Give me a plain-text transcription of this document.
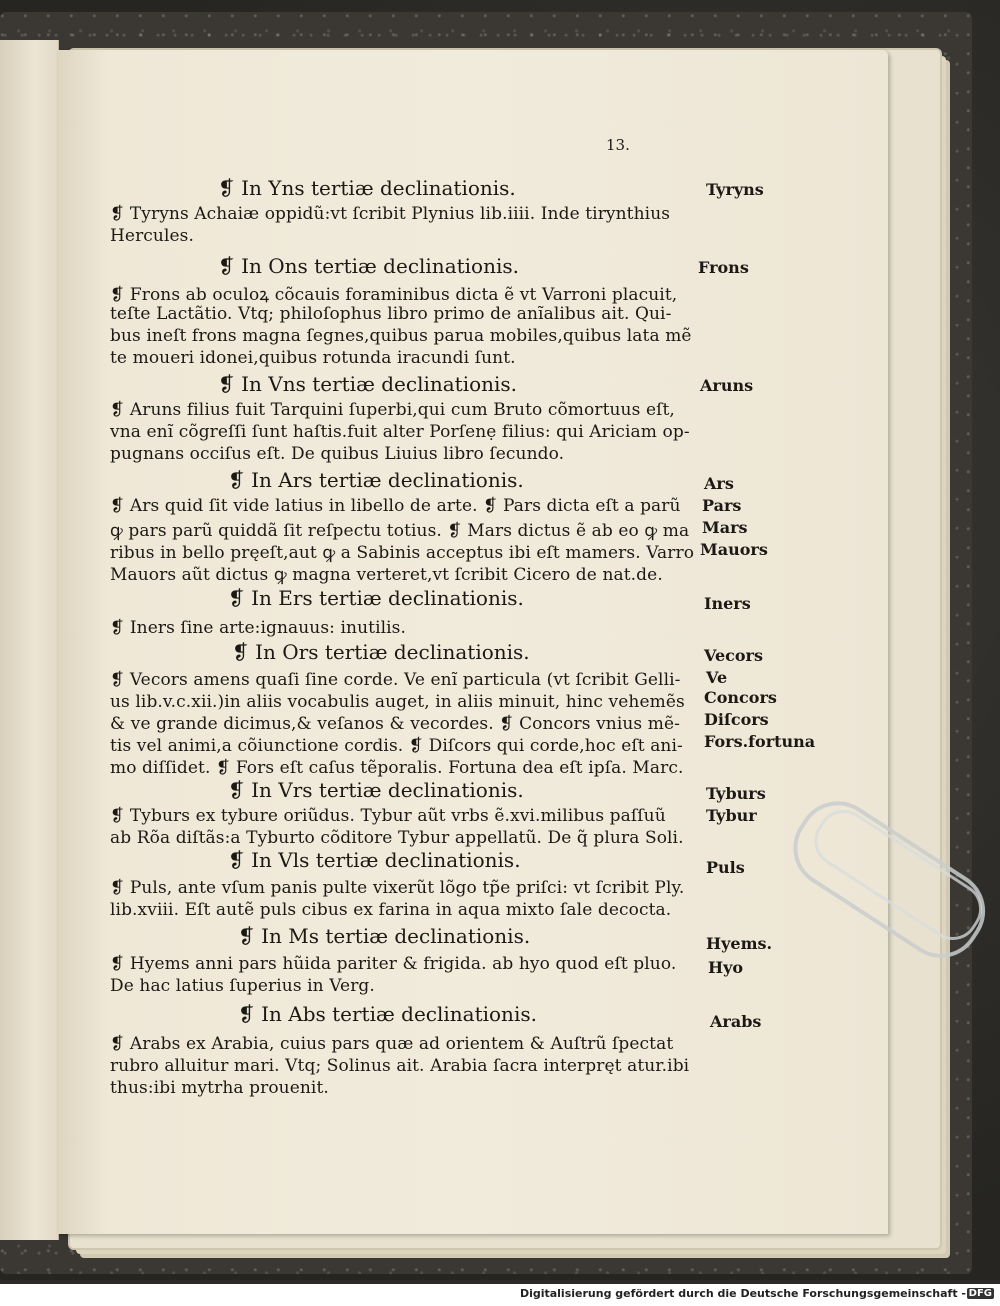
13.
❡ In Yns tertiæ declinationis.
❡ Tyryns Achaiæ oppidũ:vt ſcribit Plynius lib.iiii. Inde tirynthius
Hercules.
❡ In Ons tertiæ declinationis.
❡ Frons ab oculoꝝ cõcauis foraminibus dicta ẽ vt Varroni placuit,
teſte Lactãtio. Vtq; philoſophus libro primo de anĩalibus ait. Qui-
bus ineſt frons magna ſegnes,quibus parua mobiles,quibus lata mẽ
te moueri idonei,quibus rotunda iracundi ſunt.
❡ In Vns tertiæ declinationis.
❡ Aruns filius fuit Tarquini ſuperbi,qui cum Bruto cõmortuus eſt,
vna enĩ cõgreſſi ſunt haſtis.fuit alter Porſenẹ filius: qui Ariciam op-
pugnans occiſus eſt. De quibus Liuius libro ſecundo.
❡ In Ars tertiæ declinationis.
❡ Ars quid ſit vide latius in libello de arte. ❡ Pars dicta eſt a parũ
ꝙ pars parũ quiddã ſit reſpectu totius. ❡ Mars dictus ẽ ab eo ꝙ ma
ribus in bello pręeſt,aut ꝙ a Sabinis acceptus ibi eſt mamers. Varro
Mauors aũt dictus ꝙ magna verteret,vt ſcribit Cicero de nat.de.
❡ In Ers tertiæ declinationis.
❡ Iners ſine arte:ignauus: inutilis.
❡ In Ors tertiæ declinationis.
❡ Vecors amens quaſi ſine corde. Ve enĩ particula (vt ſcribit Gelli-
us lib.v.c.xii.)in aliis vocabulis auget, in aliis minuit, hinc vehemẽs
& ve grande dicimus,& veſanos & vecordes. ❡ Concors vnius mẽ-
tis vel animi,a cõiunctione cordis. ❡ Diſcors qui corde,hoc eſt ani-
mo diſſidet. ❡ Fors eſt caſus tẽporalis. Fortuna dea eſt ipſa. Marc.
❡ In Vrs tertiæ declinationis.
❡ Tyburs ex tybure oriũdus. Tybur aũt vrbs ẽ.xvi.milibus paſſuũ
ab Rõa diſtãs:a Tyburto cõditore Tybur appellatũ. De q̃ plura Soli.
❡ In Vls tertiæ declinationis.
❡ Puls, ante vſum panis pulte vixerũt lõgo tp̃e priſci: vt ſcribit Ply.
lib.xviii. Eſt autẽ puls cibus ex farina in aqua mixto ſale decocta.
❡ In Ms tertiæ declinationis.
❡ Hyems anni pars hũida pariter & frigida. ab hyo quod eſt pluo.
De hac latius ſuperius in Verg.
❡ In Abs tertiæ declinationis.
❡ Arabs ex Arabia, cuius pars quæ ad orientem & Auſtrũ ſpectat
rubro alluitur mari. Vtq; Solinus ait. Arabia ſacra interpręt atur.ibi
thus:ibi mytrha prouenit.
Tyryns
Frons
Aruns
Ars
Pars
Mars
Mauors
Iners
Vecors
Ve
Concors
Diſcors
Fors.fortuna
Tyburs
Tybur
Puls
Hyems.
Hyo
Arabs
Digitalisierung gefördert durch die Deutsche Forschungsgemeinschaft - DFG
